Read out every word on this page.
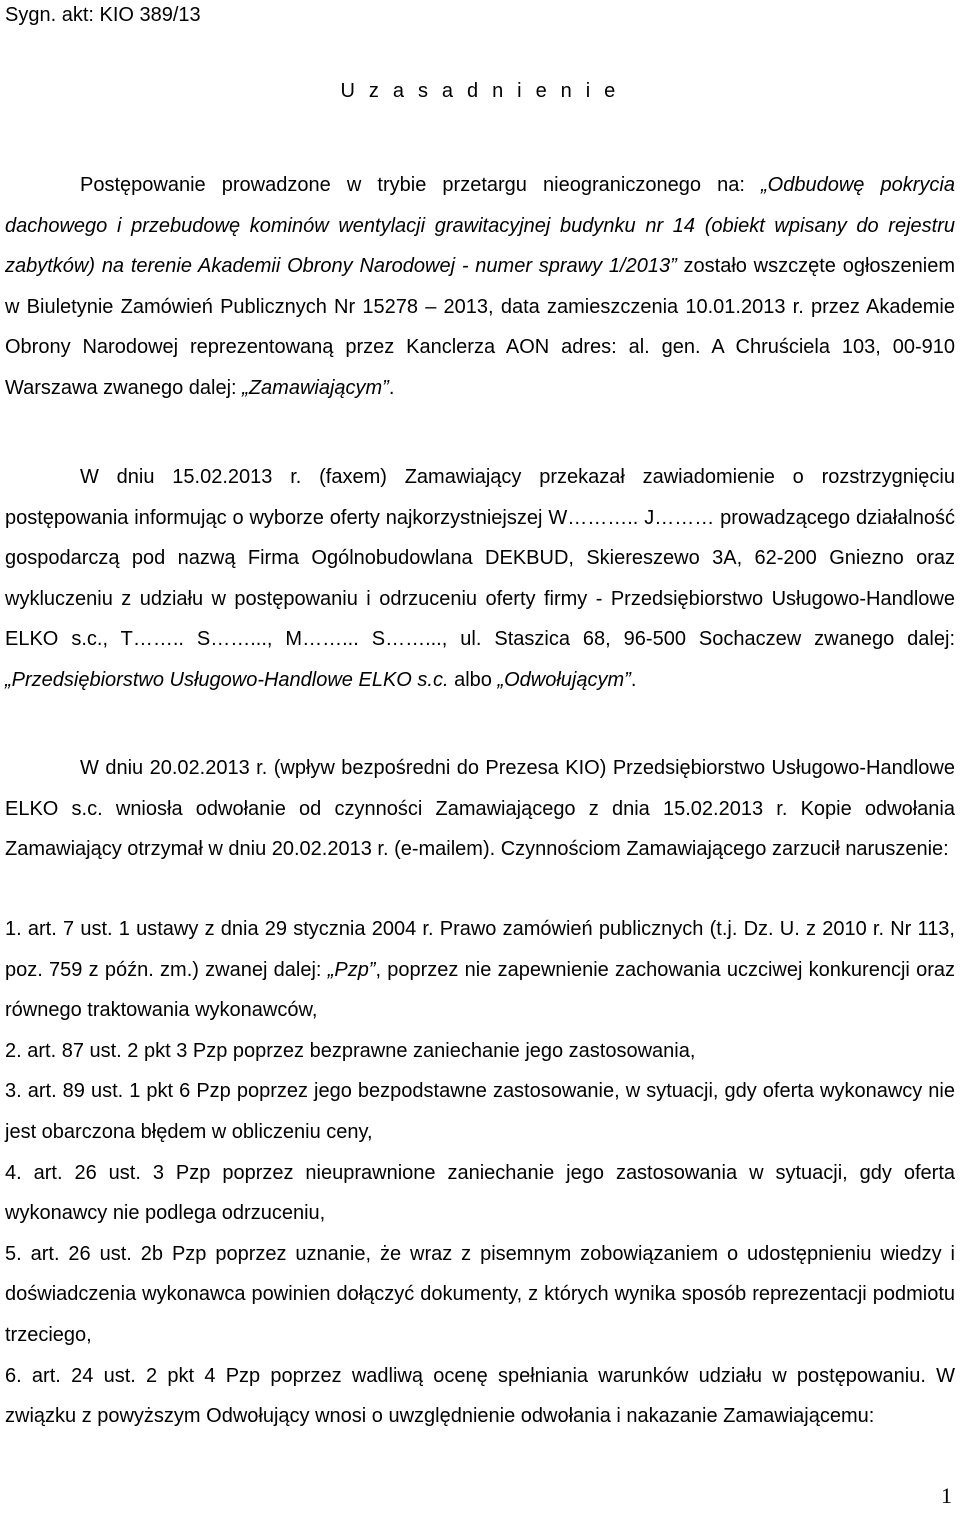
Sygn. akt: KIO 389/13

U z a s a d n i e n i e

Postępowanie prowadzone w trybie przetargu nieograniczonego na: „Odbudowę pokrycia dachowego i przebudowę kominów wentylacji grawitacyjnej budynku nr 14 (obiekt wpisany do rejestru zabytków) na terenie Akademii Obrony Narodowej - numer sprawy 1/2013” zostało wszczęte ogłoszeniem w Biuletynie Zamówień Publicznych Nr 15278 – 2013, data zamieszczenia 10.01.2013 r. przez Akademie Obrony Narodowej reprezentowaną przez Kanclerza AON adres: al. gen. A Chruściela 103, 00-910 Warszawa zwanego dalej: „Zamawiającym”.

W dniu 15.02.2013 r. (faxem) Zamawiający przekazał zawiadomienie o rozstrzygnięciu postępowania informując o wyborze oferty najkorzystniejszej W……….. J……… prowadzącego działalność gospodarczą pod nazwą Firma Ogólnobudowlana DEKBUD, Skiereszewo 3A, 62-200 Gniezno oraz wykluczeniu z udziału w postępowaniu i odrzuceniu oferty firmy - Przedsiębiorstwo Usługowo-Handlowe ELKO s.c., T…….. S……..., M……... S……..., ul. Staszica 68, 96-500 Sochaczew zwanego dalej: „Przedsiębiorstwo Usługowo-Handlowe ELKO s.c. albo „Odwołującym”.

W dniu 20.02.2013 r. (wpływ bezpośredni do Prezesa KIO) Przedsiębiorstwo Usługowo-Handlowe ELKO s.c. wniosła odwołanie od czynności Zamawiającego z dnia 15.02.2013 r. Kopie odwołania Zamawiający otrzymał w dniu 20.02.2013 r. (e-mailem). Czynnościom Zamawiającego zarzucił naruszenie:

1. art. 7 ust. 1 ustawy z dnia 29 stycznia 2004 r. Prawo zamówień publicznych (t.j. Dz. U. z 2010 r. Nr 113, poz. 759 z późn. zm.) zwanej dalej: „Pzp”, poprzez nie zapewnienie zachowania uczciwej konkurencji oraz równego traktowania wykonawców,
2. art. 87 ust. 2 pkt 3 Pzp poprzez bezprawne zaniechanie jego zastosowania,
3. art. 89 ust. 1 pkt 6 Pzp poprzez jego bezpodstawne zastosowanie, w sytuacji, gdy oferta wykonawcy nie jest obarczona błędem w obliczeniu ceny,
4. art. 26 ust. 3 Pzp poprzez nieuprawnione zaniechanie jego zastosowania w sytuacji, gdy oferta wykonawcy nie podlega odrzuceniu,
5. art. 26 ust. 2b Pzp poprzez uznanie, że wraz z pisemnym zobowiązaniem o udostępnieniu wiedzy i doświadczenia wykonawca powinien dołączyć dokumenty, z których wynika sposób reprezentacji podmiotu trzeciego,
6. art. 24 ust. 2 pkt 4 Pzp poprzez wadliwą ocenę spełniania warunków udziału w postępowaniu. W związku z powyższym Odwołujący wnosi o uwzględnienie odwołania i nakazanie Zamawiającemu:

1
